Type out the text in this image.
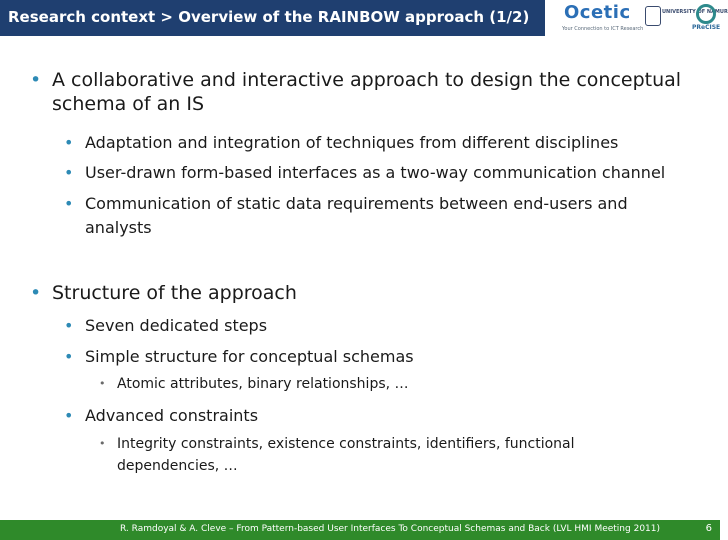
Research context > Overview of the RAINBOW approach (1/2) Ocetic
Your Connection to ICT Research
UNIVERSITY OF NAMUR
PReCISE
• A collaborative and interactive approach to design the conceptual schema of an IS
• Adaptation and integration of techniques from different disciplines
• User-drawn form-based interfaces as a two-way communication channel
• Communication of static data requirements between end-users and analysts
• Structure of the approach
• Seven dedicated steps
• Simple structure for conceptual schemas
• Atomic attributes, binary relationships, …
• Advanced constraints
• Integrity constraints, existence constraints, identifiers, functional dependencies, …
R. Ramdoyal & A. Cleve – From Pattern-based User Interfaces To Conceptual Schemas and Back (LVL HMI Meeting 2011)	6
